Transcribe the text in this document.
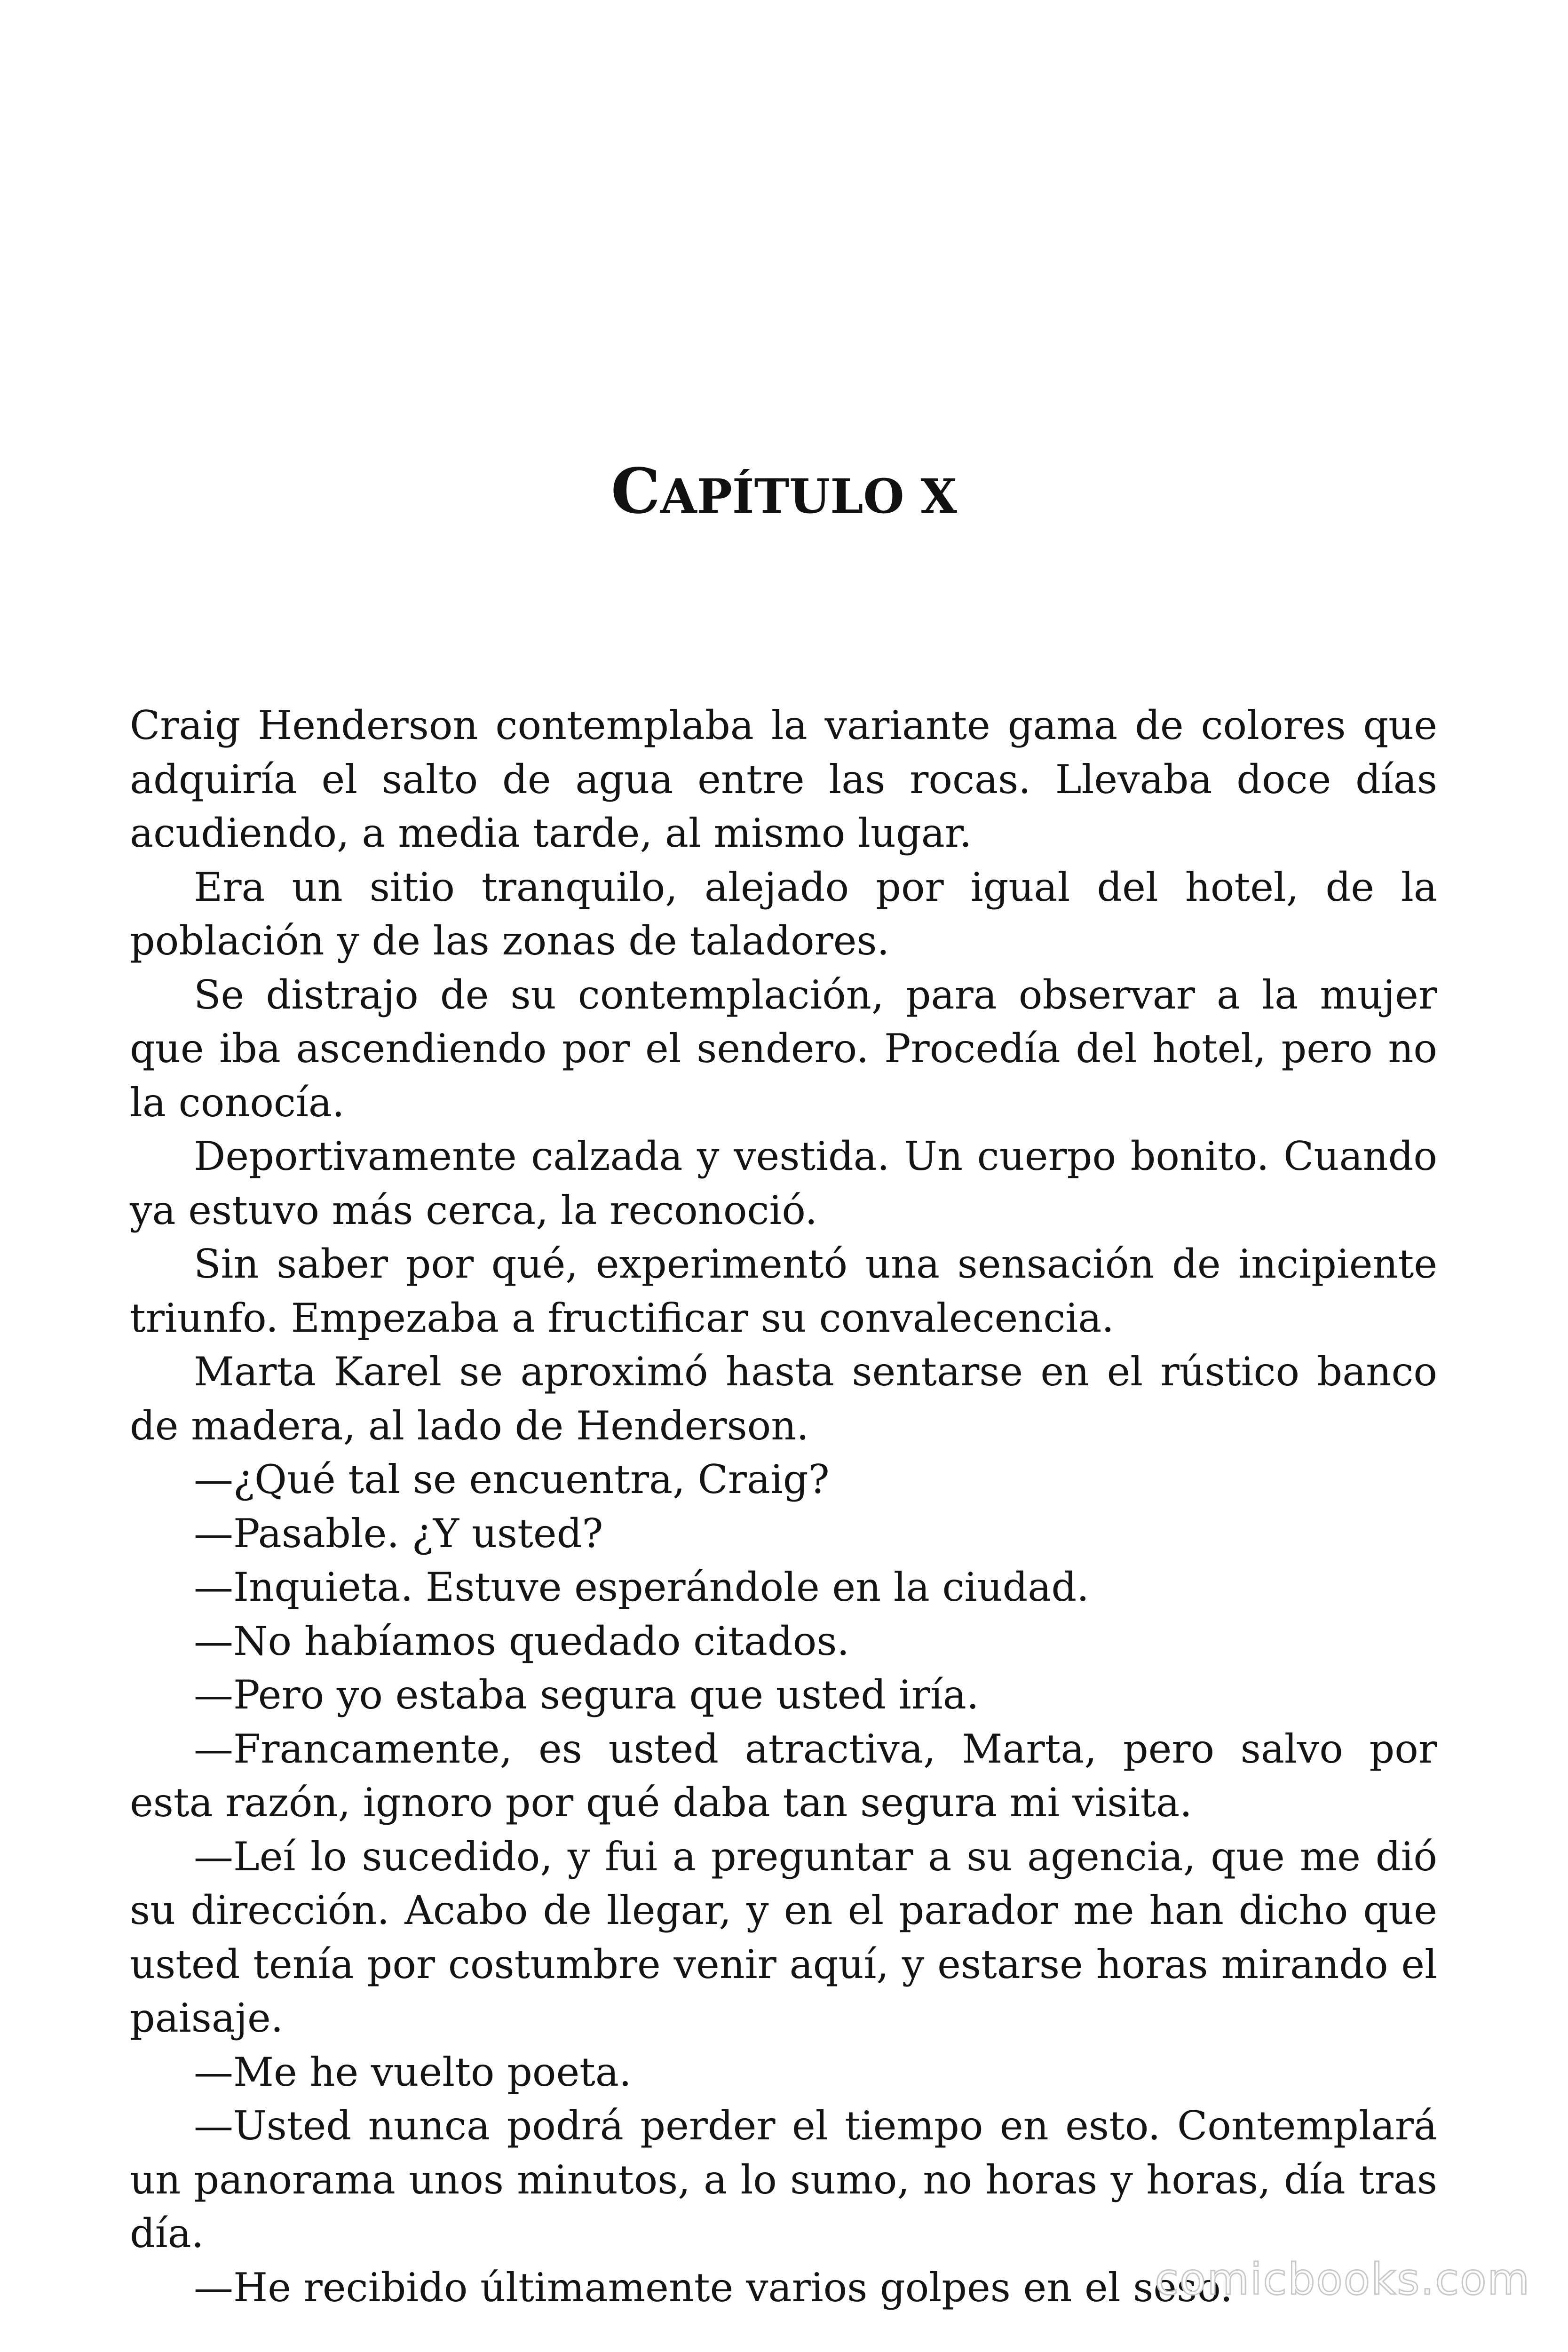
CAPÍTULO X

Craig Henderson contemplaba la variante gama de colores que adquiría el salto de agua entre las rocas. Llevaba doce días acudiendo, a media tarde, al mismo lugar.

Era un sitio tranquilo, alejado por igual del hotel, de la población y de las zonas de taladores.

Se distrajo de su contemplación, para observar a la mujer que iba ascendiendo por el sendero. Procedía del hotel, pero no la conocía.

Deportivamente calzada y vestida. Un cuerpo bonito. Cuando ya estuvo más cerca, la reconoció.

Sin saber por qué, experimentó una sensación de incipiente triunfo. Empezaba a fructificar su convalecencia.

Marta Karel se aproximó hasta sentarse en el rústico banco de madera, al lado de Henderson.

—¿Qué tal se encuentra, Craig?

—Pasable. ¿Y usted?

—Inquieta. Estuve esperándole en la ciudad.

—No habíamos quedado citados.

—Pero yo estaba segura que usted iría.

—Francamente, es usted atractiva, Marta, pero salvo por esta razón, ignoro por qué daba tan segura mi visita.

—Leí lo sucedido, y fui a preguntar a su agencia, que me dió su dirección. Acabo de llegar, y en el parador me han dicho que usted tenía por costumbre venir aquí, y estarse horas mirando el paisaje.

—Me he vuelto poeta.

—Usted nunca podrá perder el tiempo en esto. Contemplará un panorama unos minutos, a lo sumo, no horas y horas, día tras día.

—He recibido últimamente varios golpes en el seso.

comicbooks.com
